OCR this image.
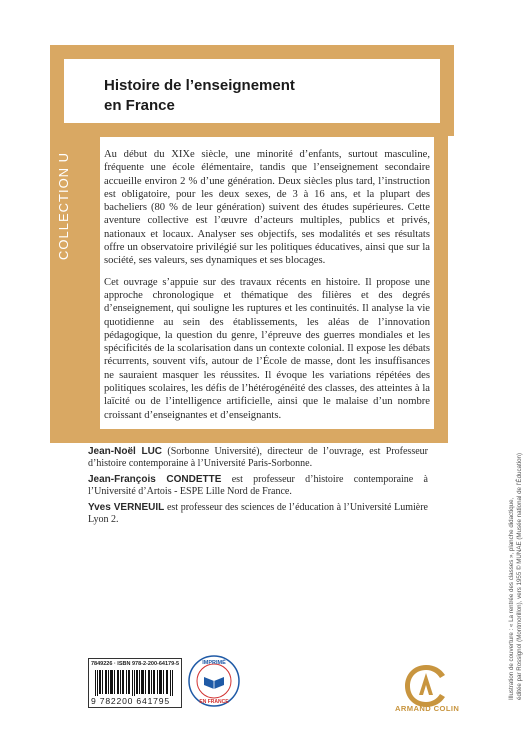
Histoire de l’enseignement
en France
COLLECTION U	Au début du XIXe siècle, une minorité d’enfants, surtout masculine, fréquente une école élémentaire, tandis que l’enseignement secondaire accueille environ 2 % d’une génération. Deux siècles plus tard, l’instruction est obligatoire, pour les deux sexes, de 3 à 16 ans, et la plupart des bacheliers (80 % de leur génération) suivent des études supérieures. Cette aventure collective est l’œuvre d’acteurs multiples, publics et privés, nationaux et locaux. Analyser ses objectifs, ses modalités et ses résultats offre un observatoire privilégié sur les politiques éducatives, ainsi que sur la société, ses valeurs, ses dynamiques et ses blocages.

Cet ouvrage s’appuie sur des travaux récents en histoire. Il propose une approche chronologique et thématique des filières et des degrés d’enseignement, qui souligne les ruptures et les continuités. Il analyse la vie quotidienne au sein des établissements, les aléas de l’innovation pédagogique, la question du genre, l’épreuve des guerres mondiales et les spécificités de la scolarisation dans un contexte colonial. Il expose les débats récurrents, souvent vifs, autour de l’École de masse, dont les insuffisances ne sauraient masquer les réussites. Il évoque les variations répétées des politiques scolaires, les défis de l’hétérogénéité des classes, des atteintes à la laïcité ou de l’intelligence artificielle, ainsi que le malaise d’un nombre croissant d’enseignantes et d’enseignants.

Jean-Noël LUC (Sorbonne Université), directeur de l’ouvrage, est Professeur d’histoire contemporaine à l’Université Paris-Sorbonne.

Jean-François CONDETTE est professeur d’histoire contemporaine à l’Université d’Artois - ESPE Lille Nord de France.

Yves VERNEUIL est professeur des sciences de l’éducation à l’Université Lumière Lyon 2.	Illustration de couverture : « La rentrée des classes », planche didactique, éditée par Rossignol (Montmorillon), vers 1955 © MUNAE (Musée national de l’Éducation)
7849226 · ISBN 978-2-200-64179-5
9 782200 641795
IMPRIMÉ
EN FRANCE
ARMAND COLIN
